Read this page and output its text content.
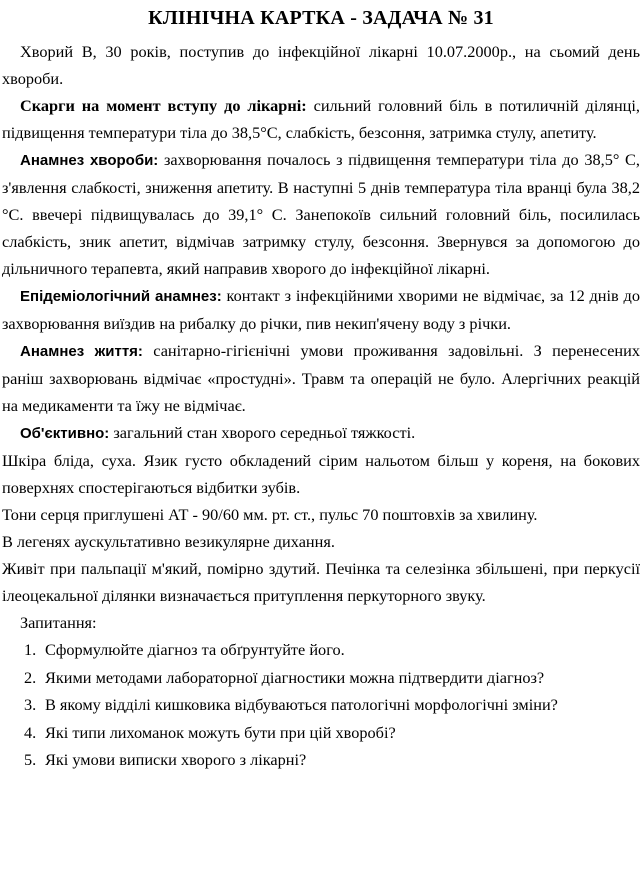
КЛІНІЧНА КАРТКА - ЗАДАЧА № 31

Хворий В, 30 років, поступив до інфекційної лікарні 10.07.2000р., на сьомий день хвороби.

Скарги на момент вступу до лікарні: сильний головний біль в потиличній ділянці, підвищення температури тіла до 38,5°С, слабкість, безсоння, затримка стулу, апетиту.

Анамнез хвороби: захворювання почалось з підвищення температури тіла до 38,5° С, з'явлення слабкості, зниження апетиту. В наступні 5 днів температура тіла вранці була 38,2 °С. ввечері підвищувалась до 39,1° С. Занепокоїв сильний головний біль, посилилась слабкість, зник апетит, відмічав затримку стулу, безсоння. Звернувся за допомогою до дільничного терапевта, який направив хворого до інфекційної лікарні.

Епідеміологічний анамнез: контакт з інфекційними хворими не відмічає, за 12 днів до захворювання виїздив на рибалку до річки, пив некип'ячену воду з річки.

Анамнез життя: санітарно-гігієнічні умови проживання задовільні. З перенесених раніш захворювань відмічає «простудні». Травм та операцій не було. Алергічних реакцій на медикаменти та їжу не відмічає.

Об'єктивно: загальний стан хворого середньої тяжкості.

Шкіра бліда, суха. Язик густо обкладений сірим нальотом більш у кореня, на бокових поверхнях спостерігаються відбитки зубів.

Тони серця приглушені АТ - 90/60 мм. рт. ст., пульс 70 поштовхів за хвилину.

В легенях аускультативно везикулярне дихання.

Живіт при пальпації м'який, помірно здутий. Печінка та селезінка збільшені, при перкусії ілеоцекальної ділянки визначається притуплення перкуторного звуку.

Запитання:
1. Сформулюйте діагноз та обґрунтуйте його.
2. Якими методами лабораторної діагностики можна підтвердити діагноз?
3. В якому відділі кишковика відбуваються патологічні морфологічні зміни?
4. Які типи лихоманок можуть бути при цій хворобі?
5. Які умови виписки хворого з лікарні?
